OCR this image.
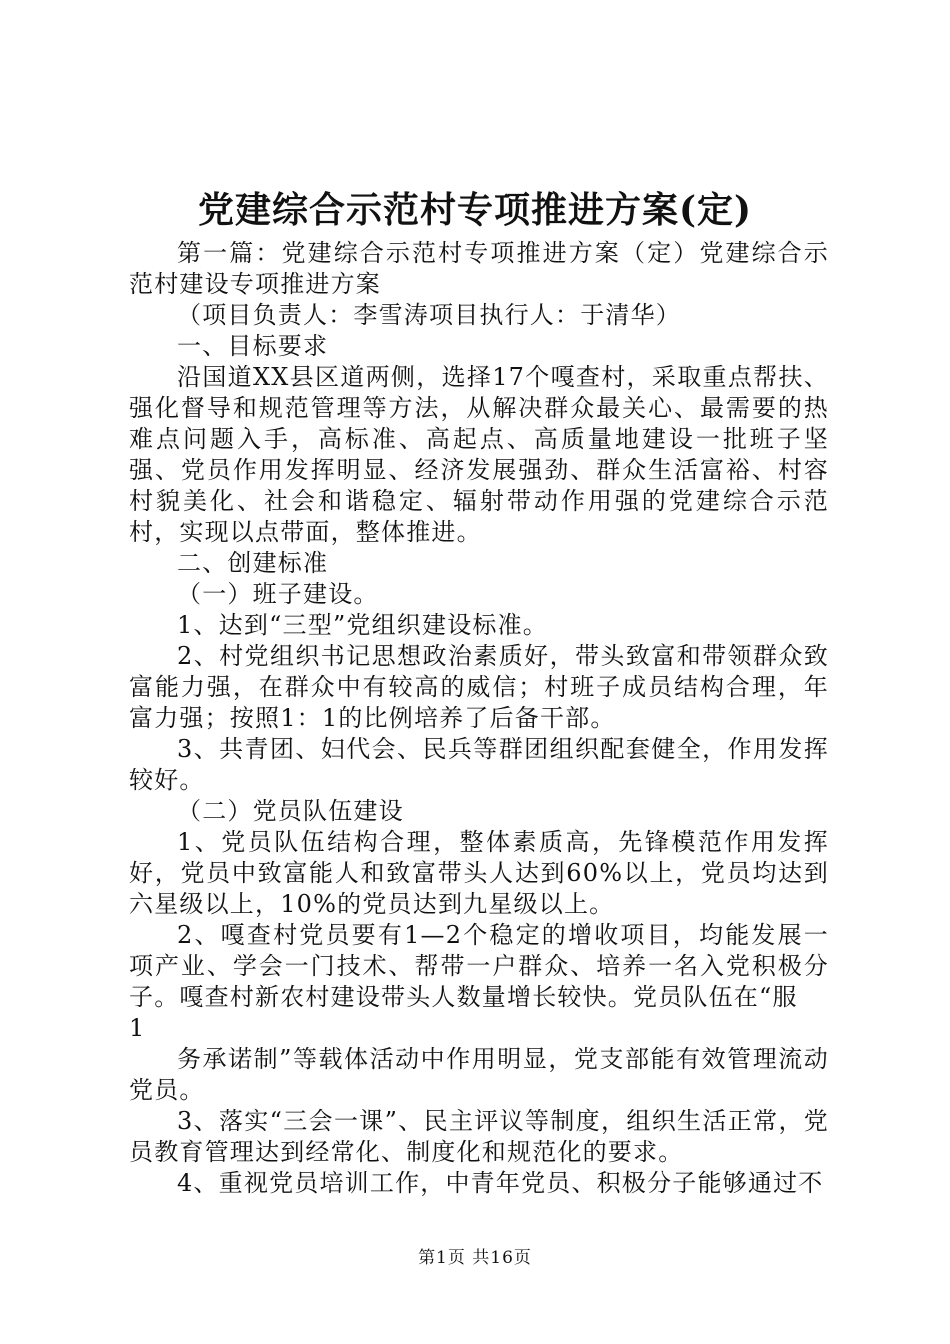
党建综合示范村专项推进方案(定)

第一篇：党建综合示范村专项推进方案（定）党建综合示范村建设专项推进方案

（项目负责人：李雪涛项目执行人：于清华）

一、目标要求

沿国道XX县区道两侧，选择17个嘎查村，采取重点帮扶、强化督导和规范管理等方法，从解决群众最关心、最需要的热难点问题入手，高标准、高起点、高质量地建设一批班子坚强、党员作用发挥明显、经济发展强劲、群众生活富裕、村容村貌美化、社会和谐稳定、辐射带动作用强的党建综合示范村，实现以点带面，整体推进。

二、创建标准

（一）班子建设。

1、达到“三型”党组织建设标准。

2、村党组织书记思想政治素质好，带头致富和带领群众致富能力强，在群众中有较高的威信；村班子成员结构合理，年富力强；按照1：1的比例培养了后备干部。

3、共青团、妇代会、民兵等群团组织配套健全，作用发挥较好。

（二）党员队伍建设

1、党员队伍结构合理，整体素质高，先锋模范作用发挥好，党员中致富能人和致富带头人达到60%以上，党员均达到六星级以上，10%的党员达到九星级以上。

2、嘎查村党员要有1—2个稳定的增收项目，均能发展一项产业、学会一门技术、帮带一户群众、培养一名入党积极分子。嘎查村新农村建设带头人数量增长较快。党员队伍在“服

1

务承诺制”等载体活动中作用明显，党支部能有效管理流动党员。

3、落实“三会一课”、民主评议等制度，组织生活正常，党员教育管理达到经常化、制度化和规范化的要求。

4、重视党员培训工作，中青年党员、积极分子能够通过不

第1页 共16页
